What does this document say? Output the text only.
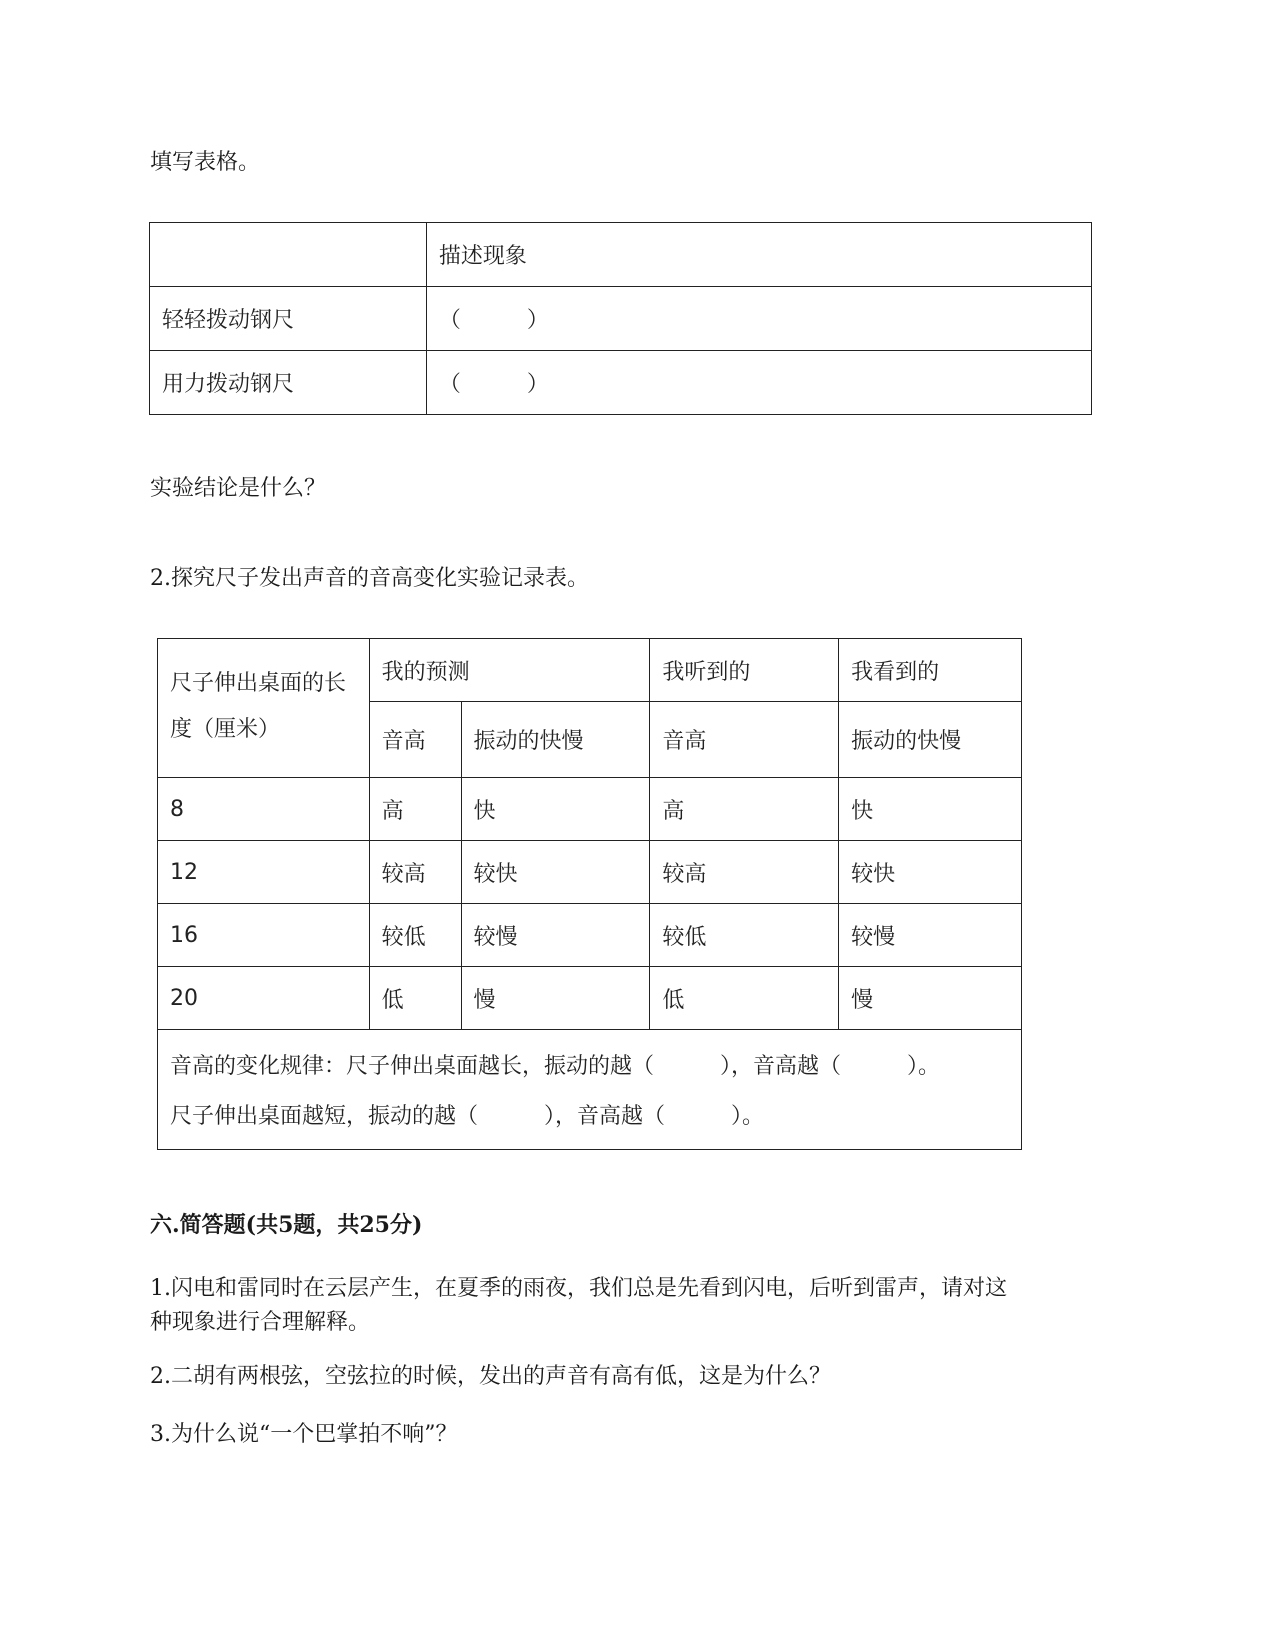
填写表格。
	描述现象
轻轻拨动钢尺	（　　　）
用力拨动钢尺	（　　　）
实验结论是什么？
2.探究尺子发出声音的音高变化实验记录表。
尺子伸出桌面的长度（厘米）	我的预测		我听到的	我看到的
	音高	振动的快慢	音高	振动的快慢
8	高	快	高	快
12	较高	较快	较高	较快
16	较低	较慢	较低	较慢
20	低	慢	低	慢

音高的变化规律：尺子伸出桌面越长，振动的越（　　　），音高越（　　　）。
尺子伸出桌面越短，振动的越（　　　），音高越（　　　）。				
六.简答题(共5题，共25分)
1.闪电和雷同时在云层产生，在夏季的雨夜，我们总是先看到闪电，后听到雷声，请对这
种现象进行合理解释。
2.二胡有两根弦，空弦拉的时候，发出的声音有高有低，这是为什么？
3.为什么说“一个巴掌拍不响”？
